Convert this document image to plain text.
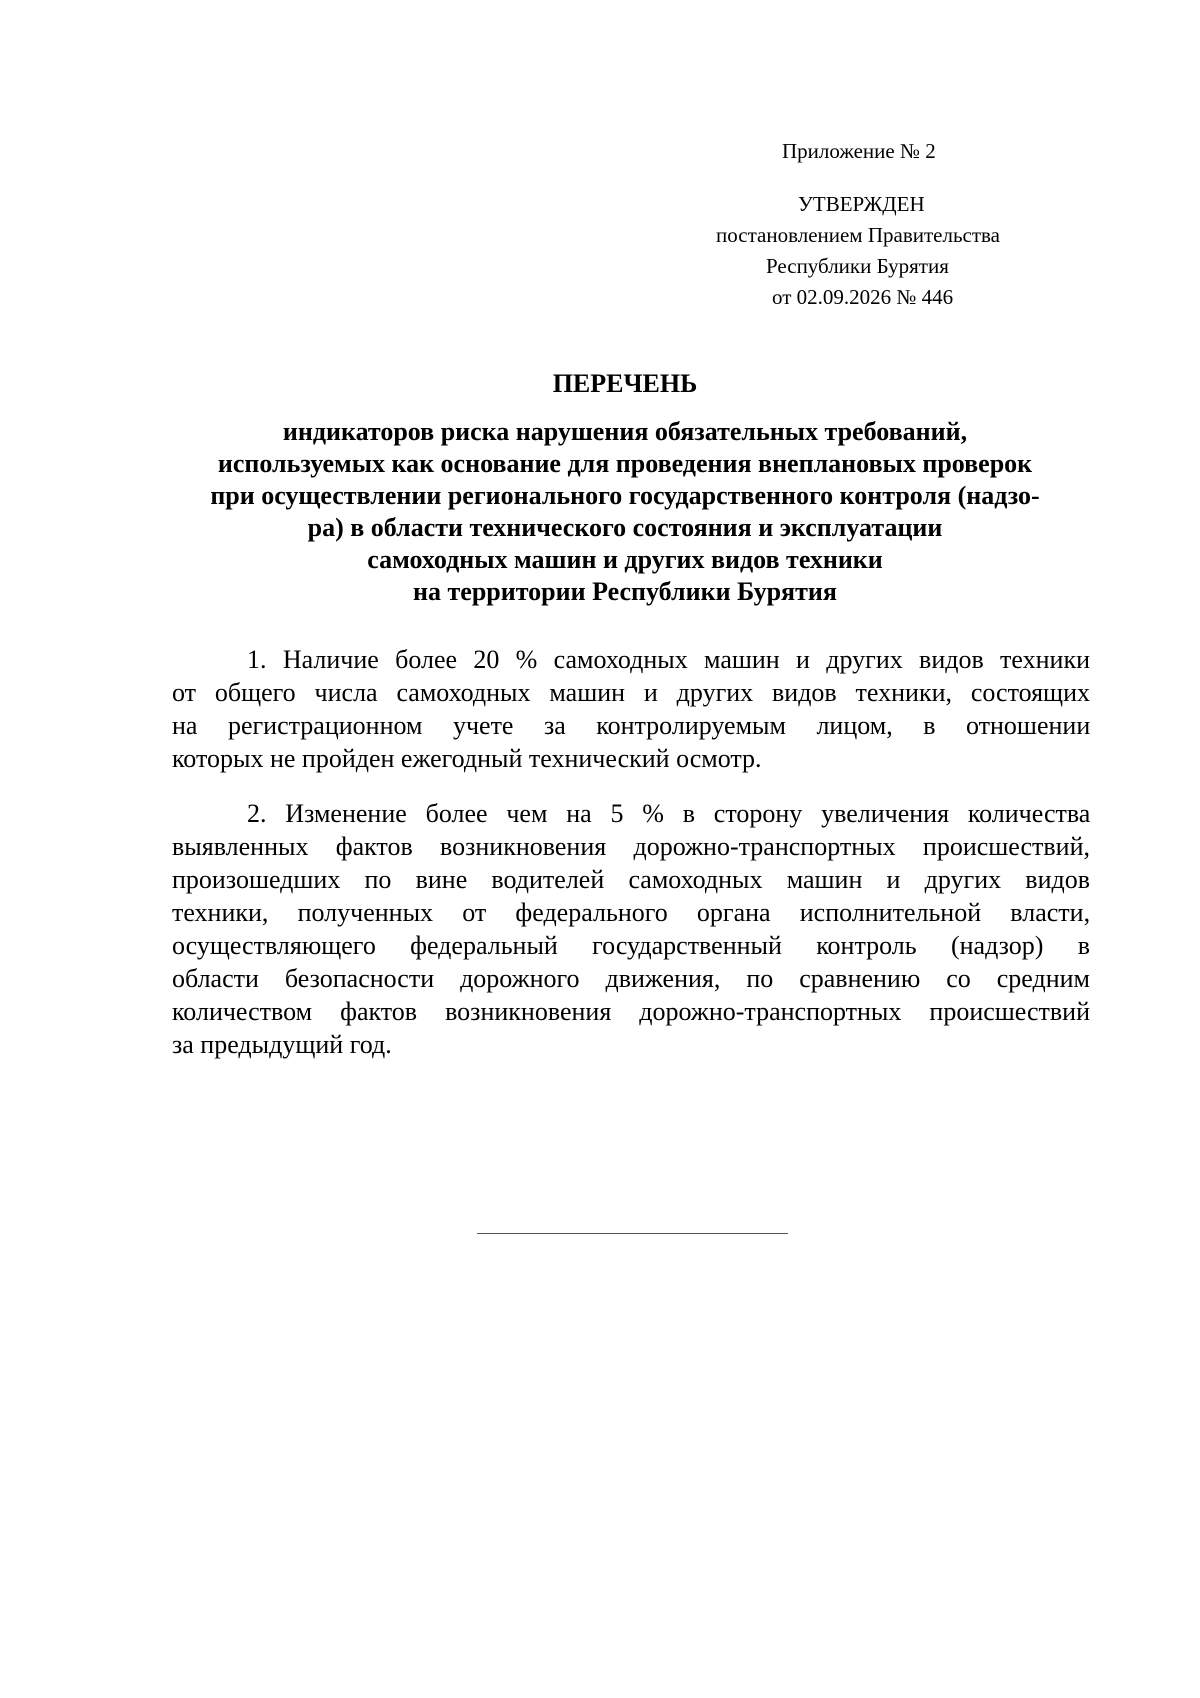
Приложение № 2
УТВЕРЖДЕН
постановлением Правительства
Республики Бурятия
от 02.09.2026 № 446
ПЕРЕЧЕНЬ
индикаторов риска нарушения обязательных требований,
используемых как основание для проведения внеплановых проверок
при осуществлении регионального государственного контроля (надзо-
ра) в области технического состояния и эксплуатации
самоходных машин и других видов техники
на территории Республики Бурятия
1. Наличие более 20 % самоходных машин и других видов техники
от общего числа самоходных машин и других видов техники, состоящих
на регистрационном учете за контролируемым лицом, в отношении
которых не пройден ежегодный технический осмотр.
2. Изменение более чем на 5 % в сторону увеличения количества
выявленных фактов возникновения дорожно-транспортных происшествий,
произошедших по вине водителей самоходных машин и других видов
техники, полученных от федерального органа исполнительной власти,
осуществляющего федеральный государственный контроль (надзор) в
области безопасности дорожного движения, по сравнению со средним
количеством фактов возникновения дорожно-транспортных происшествий
за предыдущий год.
